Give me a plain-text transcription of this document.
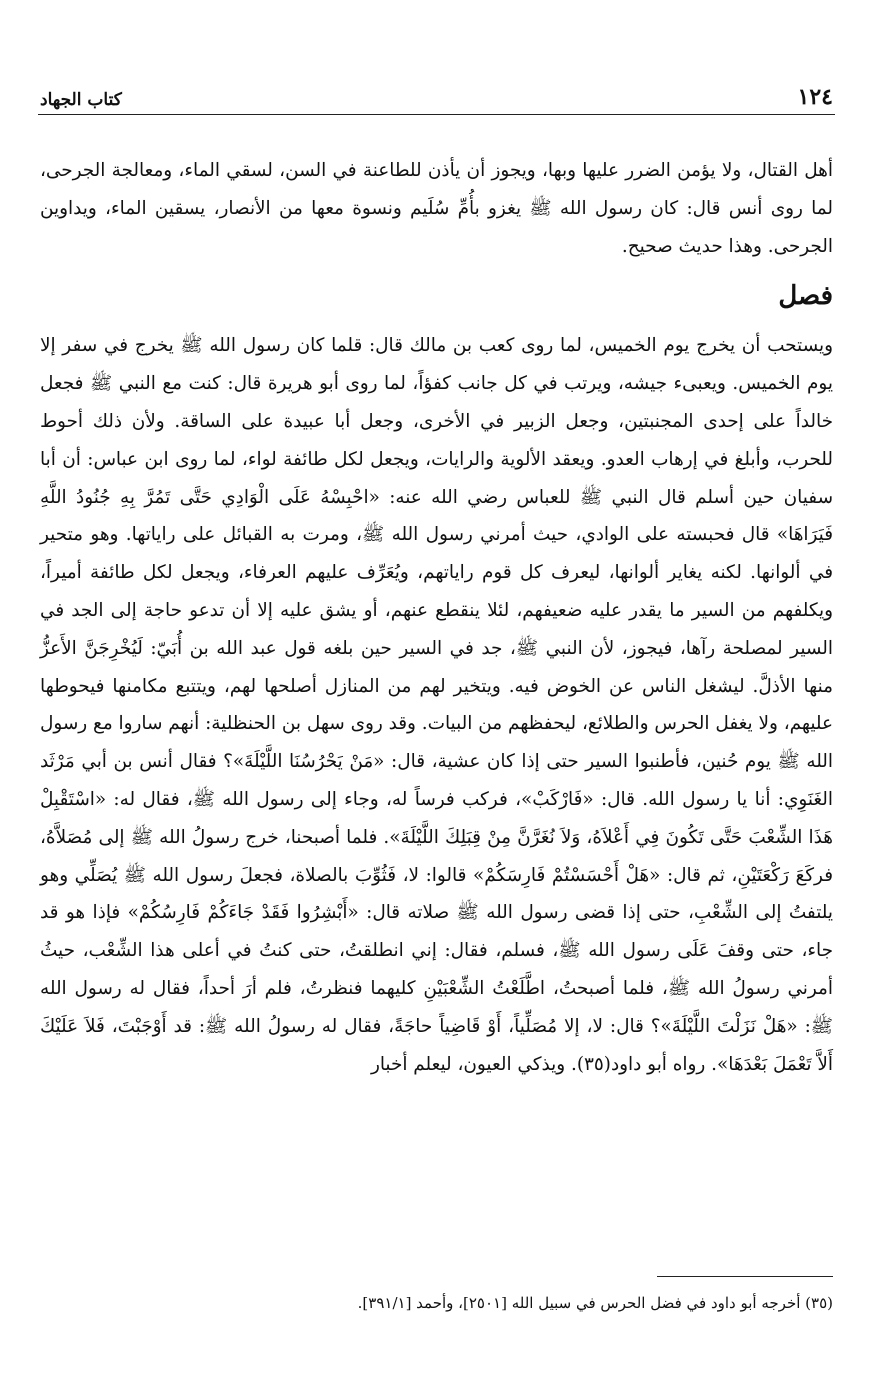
١٢٤
كتاب الجهاد

أهل القتال، ولا يؤمن الضرر عليها وبها، ويجوز أن يأذن للطاعنة في السن، لسقي الماء، ومعالجة الجرحى، لما روى أنس قال: كان رسول الله ﷺ يغزو بأُمِّ سُلَيم ونسوة معها من الأنصار، يسقين الماء، ويداوين الجرحى. وهذا حديث صحيح.

فصل

ويستحب أن يخرج يوم الخميس، لما روى كعب بن مالك قال: قلما كان رسول الله ﷺ يخرج في سفر إلا يوم الخميس. ويعبىء جيشه، ويرتب في كل جانب كفؤاً، لما روى أبو هريرة قال: كنت مع النبي ﷺ فجعل خالداً على إحدى المجنبتين، وجعل الزبير في الأخرى، وجعل أبا عبيدة على الساقة. ولأن ذلك أحوط للحرب، وأبلغ في إرهاب العدو. ويعقد الألوية والرايات، ويجعل لكل طائفة لواء، لما روى ابن عباس: أن أبا سفيان حين أسلم قال النبي ﷺ للعباس رضي الله عنه: «احْبِسْهُ عَلَى الْوَادِي حَتَّى تَمُرَّ بِهِ جُنُودُ اللَّهِ فَيَرَاهَا» قال فحبسته على الوادي، حيث أمرني رسول الله ﷺ، ومرت به القبائل على راياتها. وهو متحير في ألوانها. لكنه يغاير ألوانها، ليعرف كل قوم راياتهم، ويُعَرِّف عليهم العرفاء، ويجعل لكل طائفة أميراً، ويكلفهم من السير ما يقدر عليه ضعيفهم، لئلا ينقطع عنهم، أو يشق عليه إلا أن تدعو حاجة إلى الجد في السير لمصلحة رآها، فيجوز، لأن النبي ﷺ، جد في السير حين بلغه قول عبد الله بن أُبَيّ: لَيُخْرِجَنَّ الأَعزُّ منها الأذلَّ. ليشغل الناس عن الخوض فيه. ويتخير لهم من المنازل أصلحها لهم، ويتتبع مكامنها فيحوطها عليهم، ولا يغفل الحرس والطلائع، ليحفظهم من البيات. وقد روى سهل بن الحنظلية: أنهم ساروا مع رسول الله ﷺ يوم حُنين، فأطنبوا السير حتى إذا كان عشية، قال: «مَنْ يَحْرُسُنَا اللَّيْلَةَ»؟ فقال أنس بن أبي مَرْثَد الغَنَوِي: أنا يا رسول الله. قال: «فَارْكَبْ»، فركب فرساً له، وجاء إلى رسول الله ﷺ، فقال له: «اسْتَقْبِلْ هَذَا الشِّعْبَ حَتَّى تَكُونَ فِي أَعْلاَهُ، وَلاَ نُغَرَّنَّ مِنْ قِبَلِكَ اللَّيْلَةَ». فلما أصبحنا، خرج رسولُ الله ﷺ إلى مُصَلاَّهُ، فركَعَ رَكْعَتَيْنِ، ثم قال: «هَلْ أَحْسَسْتُمْ فَارِسَكُمْ» قالوا: لا، فَثُوِّبَ بالصلاة، فجعلَ رسول الله ﷺ يُصَلِّي وهو يلتفتُ إلى الشِّعْبِ، حتى إذا قضى رسول الله ﷺ صلاته قال: «أَبْشِرُوا فَقَدْ جَاءَكُمْ فَارِسُكُمْ» فإذا هو قد جاء، حتى وقفَ عَلَى رسول الله ﷺ، فسلم، فقال: إني انطلقتُ، حتى كنتُ في أعلى هذا الشِّعْب، حيثُ أمرني رسولُ الله ﷺ، فلما أصبحتُ، اطَّلَعْتُ الشِّعْبَيْنِ كليهما فنظرتُ، فلم أرَ أحداً، فقال له رسول الله ﷺ: «هَلْ نَزَلْتَ اللَّيْلَةَ»؟ قال: لا، إلا مُصَلِّياً، أَوْ قَاضِياً حاجَةً، فقال له رسولُ الله ﷺ: قد أَوْجَبْتَ، فَلاَ عَلَيْكَ أَلاَّ تَعْمَلَ بَعْدَهَا». رواه أبو داود(٣٥). ويذكي العيون، ليعلم أخبار

(٣٥) أخرجه أبو داود في فضل الحرس في سبيل الله [٢٥٠١]، وأحمد [٣٩١/١].
